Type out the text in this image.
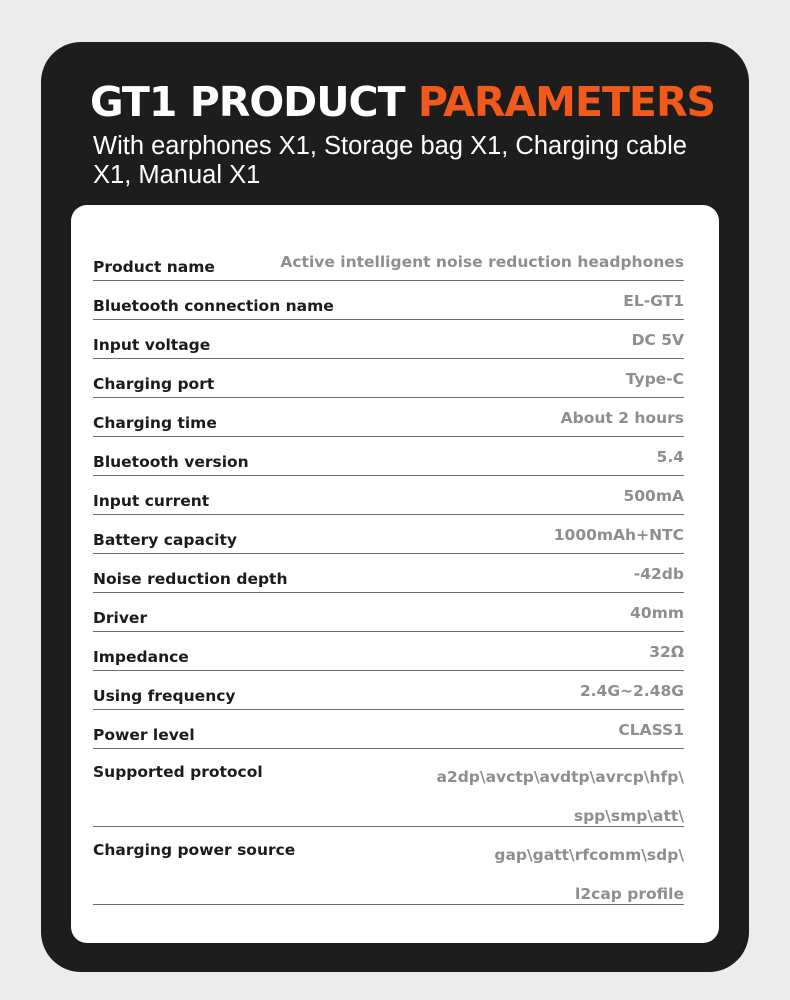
GT1 PRODUCT PARAMETERS

With earphones X1, Storage bag X1, Charging cable X1, Manual X1

Product name	Active intelligent noise reduction headphones
Bluetooth connection name	EL-GT1
Input voltage	DC 5V
Charging port	Type-C
Charging time	About 2 hours
Bluetooth version	5.4
Input current	500mA
Battery capacity	1000mAh+NTC
Noise reduction depth	-42db
Driver	40mm
Impedance	32Ω
Using frequency	2.4G~2.48G
Power level	CLASS1
Supported protocol	a2dp\avctp\avdtp\avrcp\hfp\
spp\smp\att\
Charging power source	gap\gatt\rfcomm\sdp\
l2cap profile
